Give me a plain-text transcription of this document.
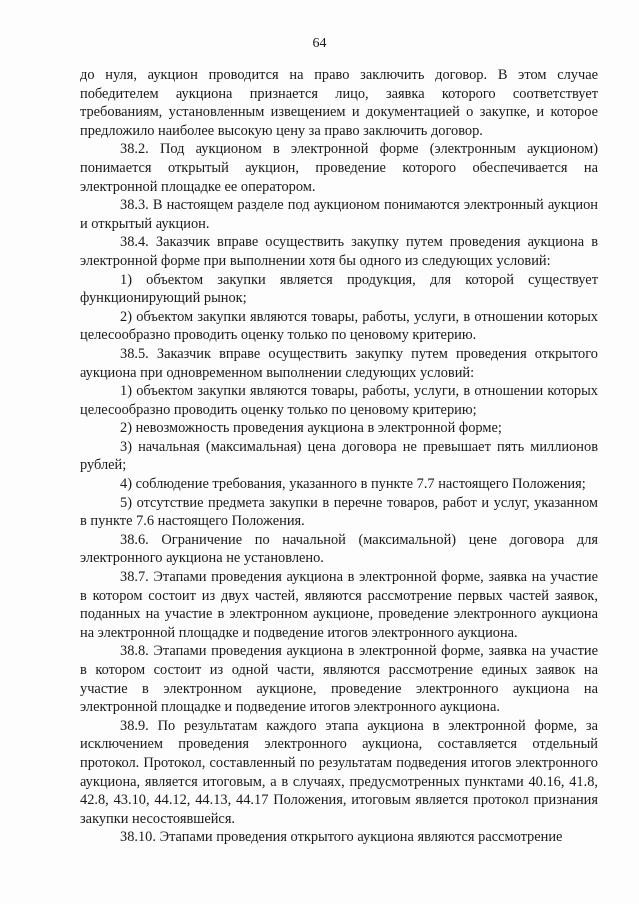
64

до нуля, аукцион проводится на право заключить договор. В этом случае победителем аукциона признается лицо, заявка которого соответствует требованиям, установленным извещением и документацией о закупке, и которое предложило наиболее высокую цену за право заключить договор.

38.2. Под аукционом в электронной форме (электронным аукционом) понимается открытый аукцион, проведение которого обеспечивается на электронной площадке ее оператором.

38.3. В настоящем разделе под аукционом понимаются электронный аукцион и открытый аукцион.

38.4. Заказчик вправе осуществить закупку путем проведения аукциона в электронной форме при выполнении хотя бы одного из следующих условий:

1) объектом закупки является продукция, для которой существует функционирующий рынок;

2) объектом закупки являются товары, работы, услуги, в отношении которых целесообразно проводить оценку только по ценовому критерию.

38.5. Заказчик вправе осуществить закупку путем проведения открытого аукциона при одновременном выполнении следующих условий:

1) объектом закупки являются товары, работы, услуги, в отношении которых целесообразно проводить оценку только по ценовому критерию;

2) невозможность проведения аукциона в электронной форме;

3) начальная (максимальная) цена договора не превышает пять миллионов рублей;

4) соблюдение требования, указанного в пункте 7.7 настоящего Положения;

5) отсутствие предмета закупки в перечне товаров, работ и услуг, указанном в пункте 7.6 настоящего Положения.

38.6. Ограничение по начальной (максимальной) цене договора для электронного аукциона не установлено.

38.7. Этапами проведения аукциона в электронной форме, заявка на участие в котором состоит из двух частей, являются рассмотрение первых частей заявок, поданных на участие в электронном аукционе, проведение электронного аукциона на электронной площадке и подведение итогов электронного аукциона.

38.8. Этапами проведения аукциона в электронной форме, заявка на участие в котором состоит из одной части, являются рассмотрение единых заявок на участие в электронном аукционе, проведение электронного аукциона на электронной площадке и подведение итогов электронного аукциона.

38.9. По результатам каждого этапа аукциона в электронной форме, за исключением проведения электронного аукциона, составляется отдельный протокол. Протокол, составленный по результатам подведения итогов электронного аукциона, является итоговым, а в случаях, предусмотренных пунктами 40.16, 41.8, 42.8, 43.10, 44.12, 44.13, 44.17 Положения, итоговым является протокол признания закупки несостоявшейся.

38.10. Этапами проведения открытого аукциона являются рассмотрение
